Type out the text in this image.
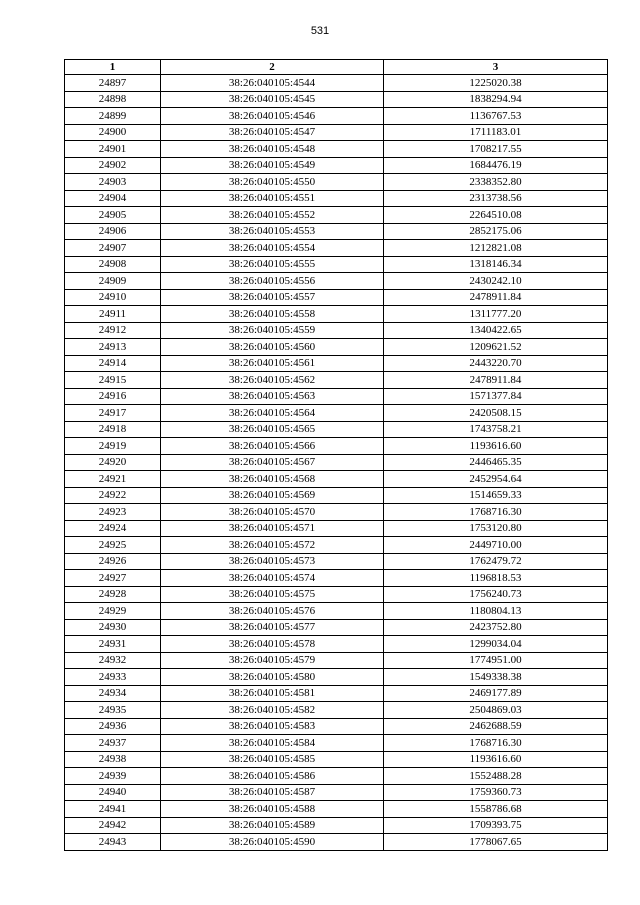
531
1	2	3
24897	38:26:040105:4544	1225020.38
24898	38:26:040105:4545	1838294.94
24899	38:26:040105:4546	1136767.53
24900	38:26:040105:4547	1711183.01
24901	38:26:040105:4548	1708217.55
24902	38:26:040105:4549	1684476.19
24903	38:26:040105:4550	2338352.80
24904	38:26:040105:4551	2313738.56
24905	38:26:040105:4552	2264510.08
24906	38:26:040105:4553	2852175.06
24907	38:26:040105:4554	1212821.08
24908	38:26:040105:4555	1318146.34
24909	38:26:040105:4556	2430242.10
24910	38:26:040105:4557	2478911.84
24911	38:26:040105:4558	1311777.20
24912	38:26:040105:4559	1340422.65
24913	38:26:040105:4560	1209621.52
24914	38:26:040105:4561	2443220.70
24915	38:26:040105:4562	2478911.84
24916	38:26:040105:4563	1571377.84
24917	38:26:040105:4564	2420508.15
24918	38:26:040105:4565	1743758.21
24919	38:26:040105:4566	1193616.60
24920	38:26:040105:4567	2446465.35
24921	38:26:040105:4568	2452954.64
24922	38:26:040105:4569	1514659.33
24923	38:26:040105:4570	1768716.30
24924	38:26:040105:4571	1753120.80
24925	38:26:040105:4572	2449710.00
24926	38:26:040105:4573	1762479.72
24927	38:26:040105:4574	1196818.53
24928	38:26:040105:4575	1756240.73
24929	38:26:040105:4576	1180804.13
24930	38:26:040105:4577	2423752.80
24931	38:26:040105:4578	1299034.04
24932	38:26:040105:4579	1774951.00
24933	38:26:040105:4580	1549338.38
24934	38:26:040105:4581	2469177.89
24935	38:26:040105:4582	2504869.03
24936	38:26:040105:4583	2462688.59
24937	38:26:040105:4584	1768716.30
24938	38:26:040105:4585	1193616.60
24939	38:26:040105:4586	1552488.28
24940	38:26:040105:4587	1759360.73
24941	38:26:040105:4588	1558786.68
24942	38:26:040105:4589	1709393.75
24943	38:26:040105:4590	1778067.65
